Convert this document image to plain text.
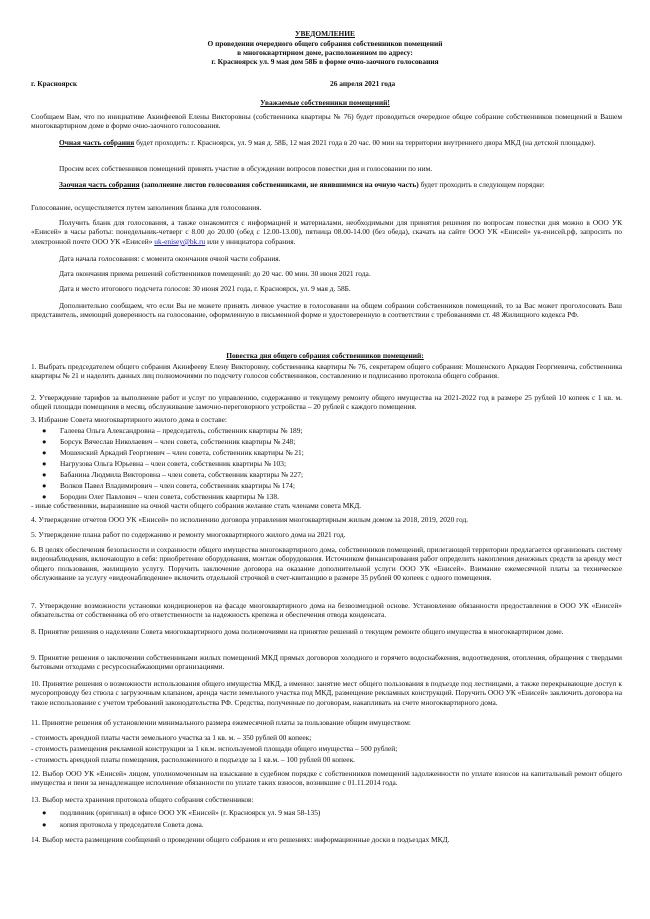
УВЕДОМЛЕНИЕ
О проведении очередного общего собрания собственников помещений
в многоквартирном доме, расположенном по адресу:
г. Красноярск ул. 9 мая дом 58Б в форме очно-заочного голосования
г. Красноярск	26 апреля 2021 года
Уважаемые собственники помещений!
Сообщаем Вам, что по инициативе Акинфеевой Елены Викторовны (собственника квартиры № 76) будет проводиться очередное общее собрание собственников помещений в Вашем многоквартирном доме в форме очно-заочного голосования.
Очная часть собрания будет проходить: г. Красноярск, ул. 9 мая д. 58Б, 12 мая 2021 года в 20 час. 00 мин на территории внутреннего двора МКД (на детской площадке).
Просим всех собственников помещений принять участие в обсуждении вопросов повестки дня и голосовании по ним.
Заочная часть собрания (заполнение листов голосования собственниками, не явившимися на очную часть) будет проходить в следующем порядке:
Голосование, осуществляется путем заполнения бланка для голосования.
Получить бланк для голосования, а также ознакомится с информацией и материалами, необходимыми для принятия решения по вопросам повестки дня можно в ООО УК «Енисей» в часы работы: понедельник-четверг с 8.00 до 20.00 (обед с 12.00-13.00), пятница 08.00-14.00 (без обеда), скачать на сайте ООО УК «Енисей» ук-енисей.рф, запросить по электронной почте ООО УК «Енисей» uk-enisey@bk.ru или у инициатора собрания.
Дата начала голосования: с момента окончания очной части собрания.
Дата окончания приема решений собственников помещений: до 20 час. 00 мин. 30 июня 2021 года.
Дата и место итогового подсчета голосов: 30 июня 2021 года, г. Красноярск, ул. 9 мая д. 58Б.
Дополнительно сообщаем, что если Вы не можете принять личное участие в голосовании на общем собрании собственников помещений, то за Вас может проголосовать Ваш представитель, имеющий доверенность на голосование, оформленную в письменной форме и удостоверенную в соответствии с требованиями ст. 48 Жилищного кодекса РФ.
Повестка дня общего собрания собственников помещений:
1. Выбрать председателем общего собрания Акинфееву Елену Викторовну, собственника квартиры № 76, секретарем общего собрания: Мошенского Аркадия Георгиевича, собственника квартиры № 21 и наделить данных лиц полномочиями по подсчету голосов собственников, составлению и подписанию протокола общего собрания.
2. Утверждение тарифов за выполнение работ и услуг по управлению, содержанию и текущему ремонту общего имущества на 2021-2022 год в размере 25 рублей 10 копеек с 1 кв. м. общей площади помещения в месяц, обслуживание замочно-переговорного устройства – 20 рублей с каждого помещения.
3. Избрание Совета многоквартирного жилого дома в составе:
● Галеева Ольга Александровна – председатель, собственник квартиры № 189;
● Борсук Вячеслав Николаевич – член совета, собственник квартиры № 248;
● Мошенский Аркадий Георгиевич – член совета, собственник квартиры № 21;
● Нагрузова Ольга Юрьевна – член совета, собственник квартиры № 103;
● Бабанина Людмила Викторовна – член совета, собственник квартиры № 227;
● Волков Павел Владимирович – член совета, собственник квартиры № 174;
● Бородин Олег Павлович – член совета, собственник квартиры № 138.
- иные собственники, выразившие на очной части общего собрания желание стать членами совета МКД.
4. Утверждение отчетов ООО УК «Енисей» по исполнению договора управления многоквартирным жилым домом за 2018, 2019, 2020 год.
5. Утверждение плана работ по содержанию и ремонту многоквартирного жилого дома на 2021 год.
6. В целях обеспечения безопасности и сохранности общего имущества многоквартирного дома, собственников помещений, прилегающей территории предлагается организовать систему видеонаблюдения, включающую в себя: приобретение оборудования, монтаж оборудования. Источником финансирования работ определить накопления денежных средств за аренду мест общего пользования, жилищную услугу. Поручить заключение договора на оказание дополнительной услуги ООО УК «Енисей». Взимание ежемесячной платы за техническое обслуживание за услугу «видеонаблюдение» включить отдельной строчкой в счет-квитанцию в размере 35 рублей 00 копеек с одного помещения.
7. Утверждение возможности установки кондиционеров на фасаде многоквартирного дома на безвозмездной основе. Установление обязанности предоставления в ООО УК «Енисей» обязательства от собственника об его ответственности за надежность крепежа и обеспечения отвода конденсата.
8. Принятие решения о наделении Совета многоквартирного дома полномочиями на принятие решений о текущем ремонте общего имущества в многоквартирном доме.
9. Принятие решения о заключении собственниками жилых помещений МКД прямых договоров холодного и горячего водоснабжения, водоотведения, отопления, обращения с твердыми бытовыми отходами с ресурсоснабжающими организациями.
10. Принятие решения о возможности использования общего имущества МКД, а именно: занятие мест общего пользования в подъезде под лестницами, а также перекрывающие доступ к мусоропроводу без ствола с загрузочным клапаном, аренда части земельного участка под МКД, размещение рекламных конструкций. Поручить ООО УК «Енисей» заключить договора на такое использование с учетом требований законодательства РФ. Средства, полученные по договорам, накапливать на счете многоквартирного дома.
11. Принятие решения об установлении минимального размера ежемесячной платы за пользование общим имуществом:
- стоимость арендной платы части земельного участка за 1 кв. м. – 350 рублей 00 копеек;
- стоимость размещения рекламной конструкции за 1 кв.м. используемой площади общего имущества – 500 рублей;
- стоимость арендной платы помещения, расположенного в подъезде за 1 кв.м. – 100 рублей 00 копеек.
12. Выбор ООО УК «Енисей» лицом, уполномоченным на взыскание в судебном порядке с собственников помещений задолженности по уплате взносов на капитальный ремонт общего имущества и пени за ненадлежащее исполнение обязанности по уплате таких взносов, возникшие с 01.11.2014 года.
13. Выбор места хранения протокола общего собрания собственников:
● подлинник (оригинал) в офисе ООО УК «Енисей» (г. Красноярск ул. 9 мая 58-135)
● копия протокола у председателя Совета дома.
14. Выбор места размещения сообщений о проведении общего собрания и его решениях: информационные доски в подъездах МКД.
